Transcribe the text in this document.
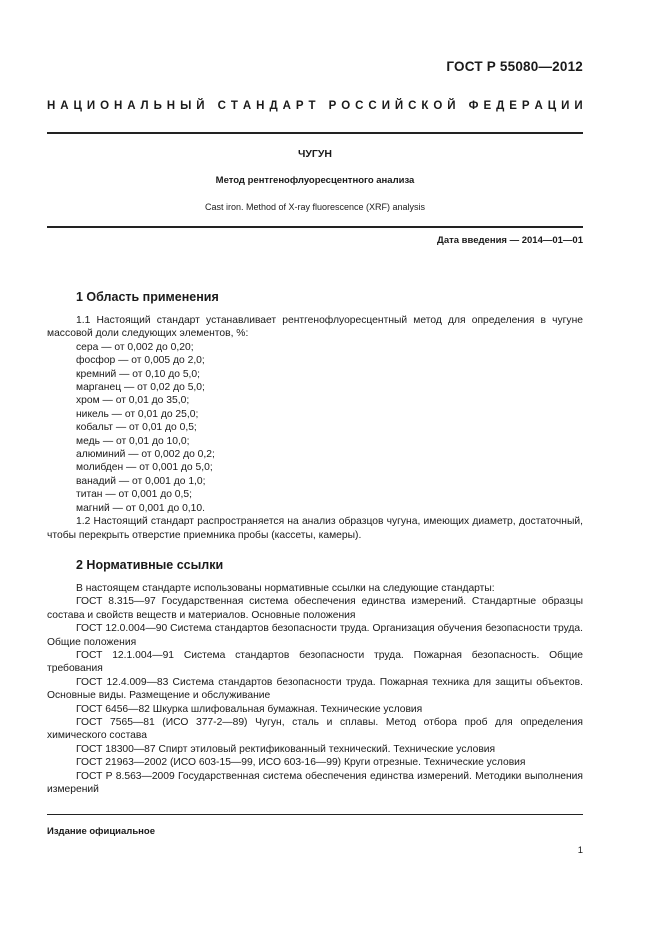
ГОСТ Р 55080—2012
Н А Ц И О Н А Л Ь Н Ы Й
С Т А Н Д А Р Т
Р О С С И Й С К О Й
Ф Е Д Е Р А Ц И И
ЧУГУН
Метод рентгенофлуоресцентного анализа
Cast iron. Method of X-ray fluorescence (XRF) analysis
Дата введения — 2014—01—01
1 Область применения

1.1 Настоящий стандарт устанавливает рентгенофлуоресцентный метод для определения в чугуне массовой доли следующих элементов, %:

сера — от 0,002 до 0,20;

фосфор — от 0,005 до 2,0;

кремний — от 0,10 до 5,0;

марганец — от 0,02 до 5,0;

хром — от 0,01 до 35,0;

никель — от 0,01 до 25,0;

кобальт — от 0,01 до 0,5;

медь — от 0,01 до 10,0;

алюминий — от 0,002 до 0,2;

молибден — от 0,001 до 5,0;

ванадий — от 0,001 до 1,0;

титан — от 0,001 до 0,5;

магний — от 0,001 до 0,10.

1.2 Настоящий стандарт распространяется на анализ образцов чугуна, имеющих диаметр, достаточный, чтобы перекрыть отверстие приемника пробы (кассеты, камеры).

2 Нормативные ссылки

В настоящем стандарте использованы нормативные ссылки на следующие стандарты:

ГОСТ 8.315—97 Государственная система обеспечения единства измерений. Стандартные образцы состава и свойств веществ и материалов. Основные положения

ГОСТ 12.0.004—90 Система стандартов безопасности труда. Организация обучения безопасности труда. Общие положения

ГОСТ 12.1.004—91 Система стандартов безопасности труда. Пожарная безопасность. Общие требования

ГОСТ 12.4.009—83 Система стандартов безопасности труда. Пожарная техника для защиты объектов. Основные виды. Размещение и обслуживание

ГОСТ 6456—82 Шкурка шлифовальная бумажная. Технические условия

ГОСТ 7565—81 (ИСО 377-2—89) Чугун, сталь и сплавы. Метод отбора проб для определения химического состава

ГОСТ 18300—87 Спирт этиловый ректификованный технический. Технические условия

ГОСТ 21963—2002 (ИСО 603-15—99, ИСО 603-16—99) Круги отрезные. Технические условия

ГОСТ Р 8.563—2009 Государственная система обеспечения единства измерений. Методики выполнения измерений

Издание официальное
1
